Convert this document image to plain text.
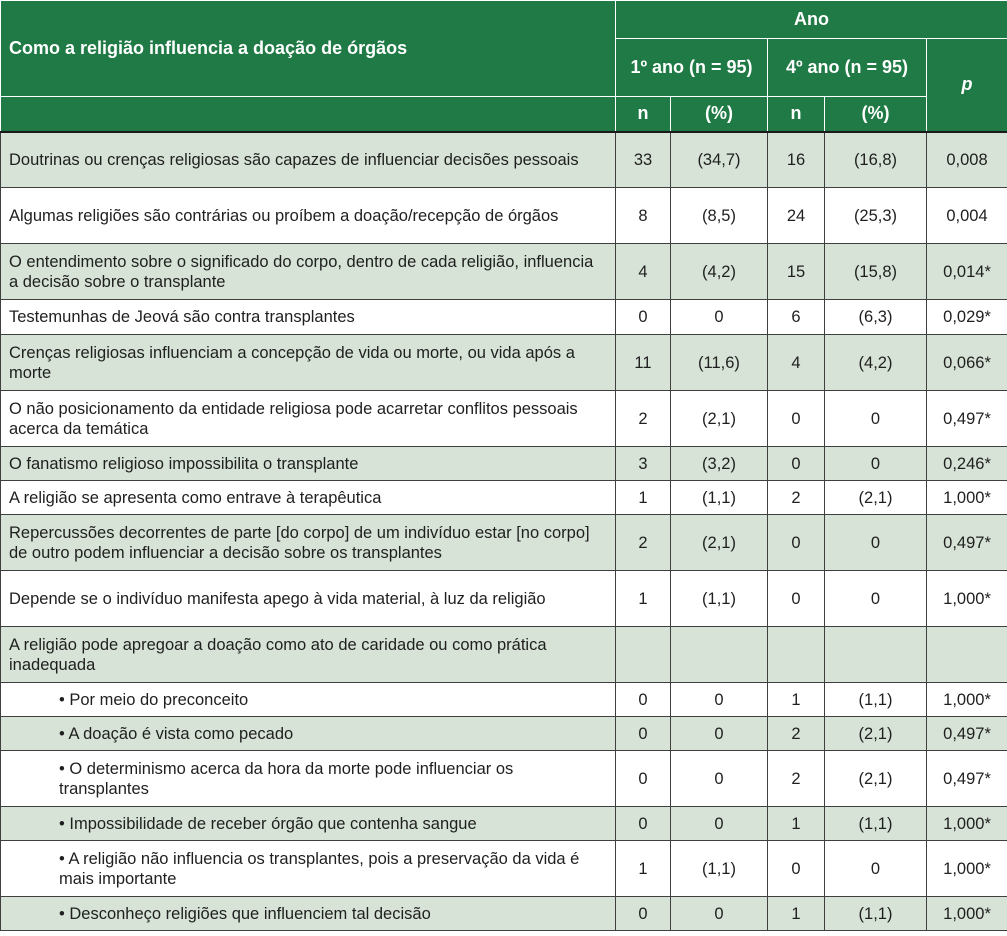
Como a religião influencia a doação de órgãos	Ano				
	1º ano (n = 95)		4º ano (n = 95)		p
	n	(%)	n	(%)	
Doutrinas ou crenças religiosas são capazes de influenciar decisões pessoais	33	(34,7)	16	(16,8)	0,008
Algumas religiões são contrárias ou proíbem a doação/recepção de órgãos	8	(8,5)	24	(25,3)	0,004
O entendimento sobre o significado do corpo, dentro de cada religião, influencia a decisão sobre o transplante	4	(4,2)	15	(15,8)	0,014*
Testemunhas de Jeová são contra transplantes	0	0	6	(6,3)	0,029*
Crenças religiosas influenciam a concepção de vida ou morte, ou vida após a morte	11	(11,6)	4	(4,2)	0,066*
O não posicionamento da entidade religiosa pode acarretar conflitos pessoais acerca da temática	2	(2,1)	0	0	0,497*
O fanatismo religioso impossibilita o transplante	3	(3,2)	0	0	0,246*
A religião se apresenta como entrave à terapêutica	1	(1,1)	2	(2,1)	1,000*
Repercussões decorrentes de parte [do corpo] de um indivíduo estar [no corpo] de outro podem influenciar a decisão sobre os transplantes	2	(2,1)	0	0	0,497*
Depende se o indivíduo manifesta apego à vida material, à luz da religião	1	(1,1)	0	0	1,000*
A religião pode apregoar a doação como ato de caridade ou como prática inadequada					
• Por meio do preconceito	0	0	1	(1,1)	1,000*
• A doação é vista como pecado	0	0	2	(2,1)	0,497*
• O determinismo acerca da hora da morte pode influenciar os transplantes	0	0	2	(2,1)	0,497*
• Impossibilidade de receber órgão que contenha sangue	0	0	1	(1,1)	1,000*
• A religião não influencia os transplantes, pois a preservação da vida é mais importante	1	(1,1)	0	0	1,000*
• Desconheço religiões que influenciem tal decisão	0	0	1	(1,1)	1,000*
